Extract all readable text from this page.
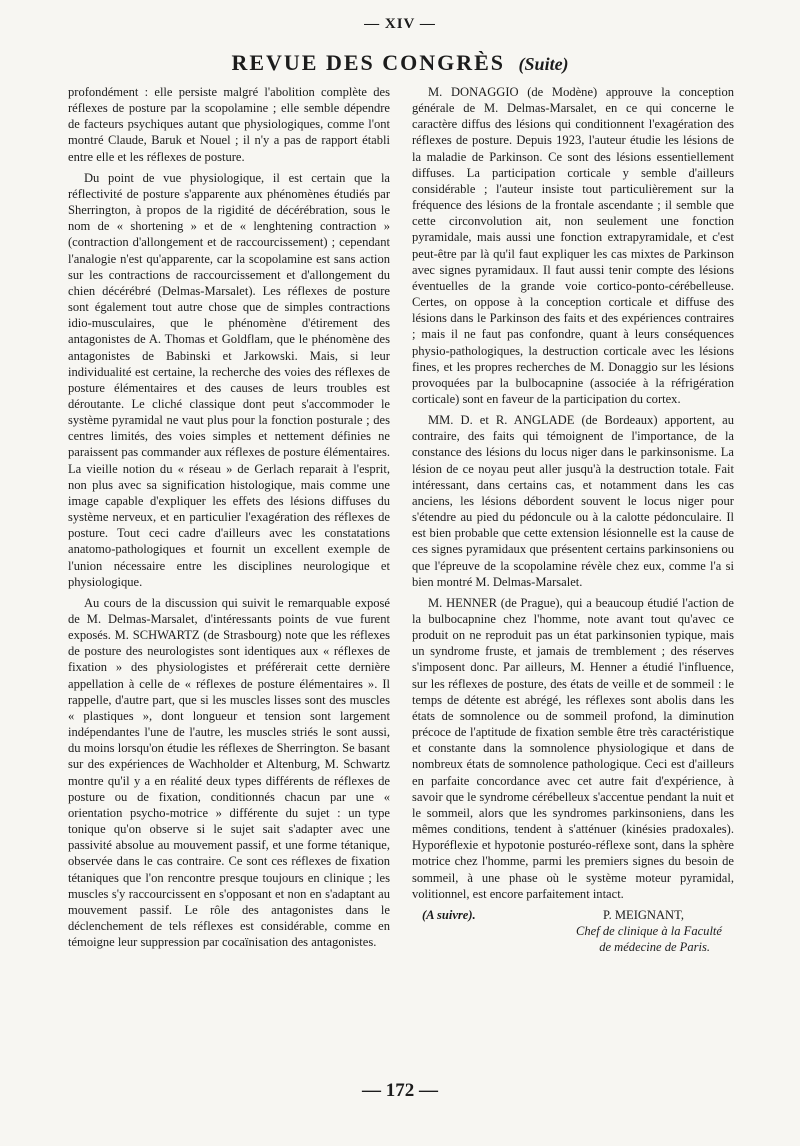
— XIV —
REVUE DES CONGRÈS (Suite)

profondément : elle persiste malgré l'abolition complète des réflexes de posture par la scopolamine ; elle semble dépendre de facteurs psychiques autant que physiologiques, comme l'ont montré Claude, Baruk et Nouel ; il n'y a pas de rapport établi entre elle et les réflexes de posture.

Du point de vue physiologique, il est certain que la réflectivité de posture s'apparente aux phénomènes étudiés par Sherrington, à propos de la rigidité de décérébration, sous le nom de « shortening » et de « lenghtening contraction » (contraction d'allongement et de raccourcissement) ; cependant l'analogie n'est qu'apparente, car la scopolamine est sans action sur les contractions de raccourcissement et d'allongement du chien décérébré (Delmas-Marsalet). Les réflexes de posture sont également tout autre chose que de simples contractions idio-musculaires, que le phénomène d'étirement des antagonistes de A. Thomas et Goldflam, que le phénomène des antagonistes de Babinski et Jarkowski. Mais, si leur individualité est certaine, la recherche des voies des réflexes de posture élémentaires et des causes de leurs troubles est déroutante. Le cliché classique dont peut s'accommoder le système pyramidal ne vaut plus pour la fonction posturale ; des centres limités, des voies simples et nettement définies ne paraissent pas commander aux réflexes de posture élémentaires. La vieille notion du « réseau » de Gerlach reparait à l'esprit, non plus avec sa signification histologique, mais comme une image capable d'expliquer les effets des lésions diffuses du système nerveux, et en particulier l'exagération des réflexes de posture. Tout ceci cadre d'ailleurs avec les constatations anatomo-pathologiques et fournit un excellent exemple de l'union nécessaire entre les disciplines neurologique et physiologique.

Au cours de la discussion qui suivit le remarquable exposé de M. Delmas-Marsalet, d'intéressants points de vue furent exposés. M. SCHWARTZ (de Strasbourg) note que les réflexes de posture des neurologistes sont identiques aux « réflexes de fixation » des physiologistes et préférerait cette dernière appellation à celle de « réflexes de posture élémentaires ». Il rappelle, d'autre part, que si les muscles lisses sont des muscles « plastiques », dont longueur et tension sont largement indépendantes l'une de l'autre, les muscles striés le sont aussi, du moins lorsqu'on étudie les réflexes de Sherrington. Se basant sur des expériences de Wachholder et Altenburg, M. Schwartz montre qu'il y a en réalité deux types différents de réflexes de posture ou de fixation, conditionnés chacun par une « orientation psycho-motrice » différente du sujet : un type tonique qu'on observe si le sujet sait s'adapter avec une passivité absolue au mouvement passif, et une forme tétanique, observée dans le cas contraire. Ce sont ces réflexes de fixation tétaniques que l'on rencontre presque toujours en clinique ; les muscles s'y raccourcissent en s'opposant et non en s'adaptant au mouvement passif. Le rôle des antagonistes dans le déclenchement de tels réflexes est considérable, comme en témoigne leur suppression par cocaïnisation des antagonistes.

M. DONAGGIO (de Modène) approuve la conception générale de M. Delmas-Marsalet, en ce qui concerne le caractère diffus des lésions qui conditionnent l'exagération des réflexes de posture. Depuis 1923, l'auteur étudie les lésions de la maladie de Parkinson. Ce sont des lésions essentiellement diffuses. La participation corticale y semble d'ailleurs considérable ; l'auteur insiste tout particulièrement sur la fréquence des lésions de la frontale ascendante ; il semble que cette circonvolution ait, non seulement une fonction pyramidale, mais aussi une fonction extrapyramidale, et c'est peut-être par là qu'il faut expliquer les cas mixtes de Parkinson avec signes pyramidaux. Il faut aussi tenir compte des lésions éventuelles de la grande voie cortico-ponto-cérébelleuse. Certes, on oppose à la conception corticale et diffuse des lésions dans le Parkinson des faits et des expériences contraires ; mais il ne faut pas confondre, quant à leurs conséquences physio-pathologiques, la destruction corticale avec les lésions fines, et les propres recherches de M. Donaggio sur les lésions provoquées par la bulbocapnine (associée à la réfrigération corticale) sont en faveur de la participation du cortex.

MM. D. et R. ANGLADE (de Bordeaux) apportent, au contraire, des faits qui témoignent de l'importance, de la constance des lésions du locus niger dans le parkinsonisme. La lésion de ce noyau peut aller jusqu'à la destruction totale. Fait intéressant, dans certains cas, et notamment dans les cas anciens, les lésions débordent souvent le locus niger pour s'étendre au pied du pédoncule ou à la calotte pédonculaire. Il est bien probable que cette extension lésionnelle est la cause de ces signes pyramidaux que présentent certains parkinsoniens ou que l'épreuve de la scopolamine révèle chez eux, comme l'a si bien montré M. Delmas-Marsalet.

M. HENNER (de Prague), qui a beaucoup étudié l'action de la bulbocapnine chez l'homme, note avant tout qu'avec ce produit on ne reproduit pas un état parkinsonien typique, mais un syndrome fruste, et jamais de tremblement ; des réserves s'imposent donc. Par ailleurs, M. Henner a étudié l'influence, sur les réflexes de posture, des états de veille et de sommeil : le temps de détente est abrégé, les réflexes sont abolis dans les états de somnolence ou de sommeil profond, la diminution précoce de l'aptitude de fixation semble être très caractéristique et constante dans la somnolence physiologique et dans de nombreux états de somnolence pathologique. Ceci est d'ailleurs en parfaite concordance avec cet autre fait d'expérience, à savoir que le syndrome cérébelleux s'accentue pendant la nuit et le sommeil, alors que les syndromes parkinsoniens, dans les mêmes conditions, tendent à s'atténuer (kinésies pradoxales). Hyporéflexie et hypotonie posturéo-réflexe sont, dans la sphère motrice chez l'homme, parmi les premiers signes du besoin de sommeil, à une phase où le système moteur pyramidal, volitionnel, est encore parfaitement intact.

(A suivre).	P. MEIGNANT,
Chef de clinique à la Faculté
de médecine de Paris.
— 172 —
